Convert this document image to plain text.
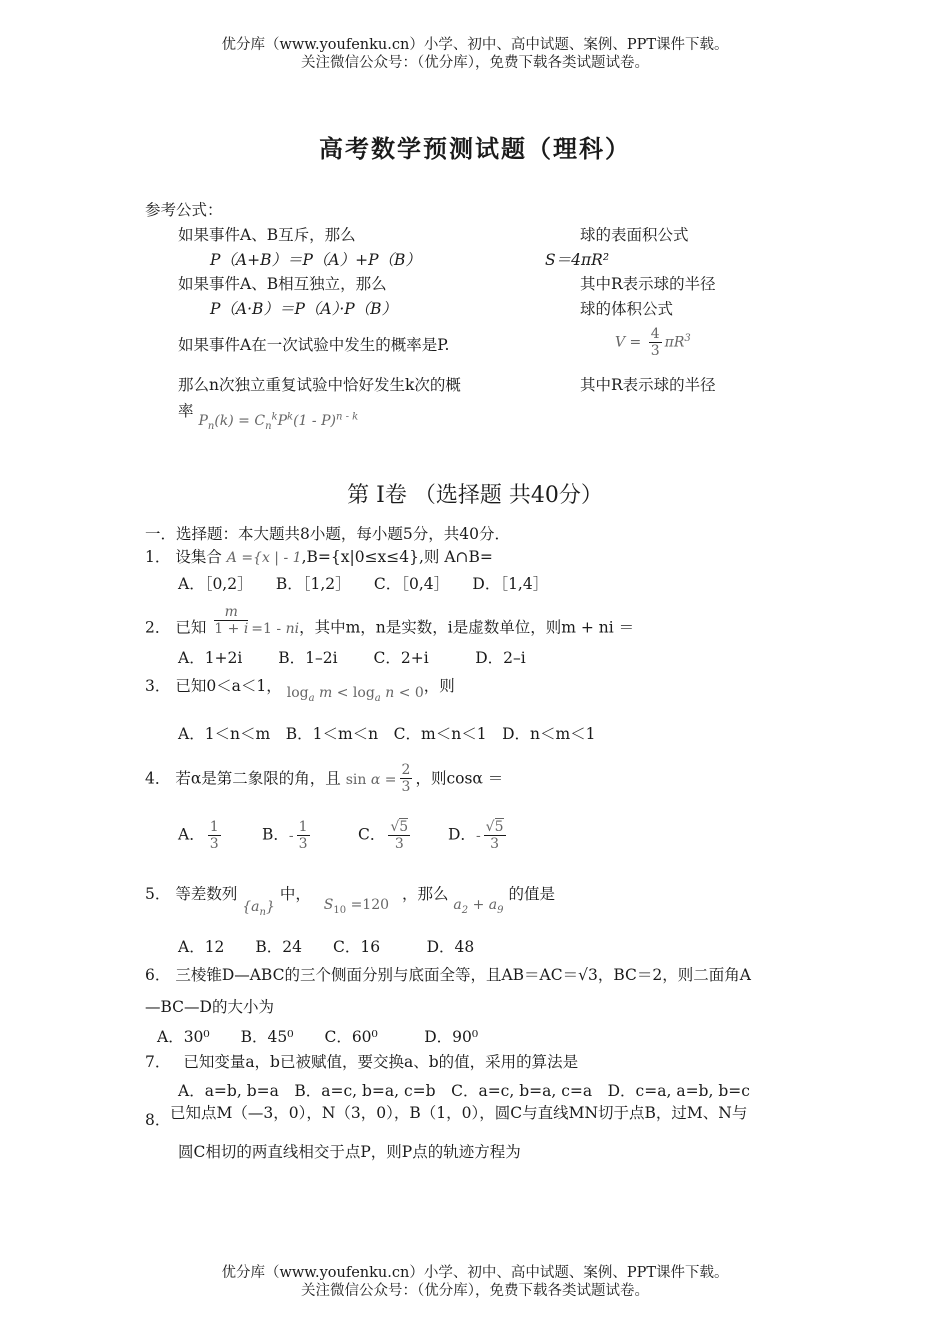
优分库（www.youfenku.cn）小学、初中、高中试题、案例、PPT课件下载。
关注微信公众号：（优分库），免费下载各类试题试卷。
高考数学预测试题（理科）
参考公式：
如果事件A、B互斥，那么
P（A+B）＝P（A）+P（B）
如果事件A、B相互独立，那么
P（A·B）＝P（A）·P（B）
如果事件A在一次试验中发生的概率是P.
那么n次独立重复试验中恰好发生k次的概
率 $P_n(k) = C_n^kP^k(1 - P)^{n - k}$
球的表面积公式
S＝4πR²
其中R表示球的半径
球的体积公式
$V = \frac{4}{3} \pi R^3$
其中R表示球的半径
第 Ⅰ卷 （选择题 共40分）
一．选择题：本大题共8小题，每小题5分，共40分．
1． 设集合 A ={x | - 1,B={x|0≤x≤4},则 A∩B=
A．［0,2］　　B．［1,2］　　C．［0,4］　　D．［1,4］
2． 已知 $\frac{m}{1 + i} =1$ - ni，其中m，n是实数，i是虚数单位，则m + ni ＝
A．1+2i　　 B．1–2i　　 C．2+i　　　D．2–i
3． 已知0＜a＜1， $\log_a m < \log_a n < 0$，则
A．1＜n＜m　B．1＜m＜n　C．m＜n＜1　D．n＜m＜1
4． 若α是第二象限的角，且 $\sin \alpha = \frac{2}{3}$ ，则cosα ＝
A． $\frac{1}{3}$	B．- $\frac{1}{3}$	C． $\frac{√5}{3}$ D．- $\frac{√5}{3}$
5． 等差数列 $\{a_n\}$ 中， $S_{10} =120$ ，那么 $a_2 + a_9$ 的值是
A．12　　B．24　　C．16　　　D．48
6． 三棱锥D—ABC的三个侧面分别与底面全等，且AB＝AC＝√3，BC＝2，则二面角A
—BC—D的大小为
A．30⁰　　B．45⁰　　C．60⁰　　　D．90⁰
7． 已知变量a，b已被赋值，要交换a、b的值，采用的算法是
A．a=b, b=a　B．a=c, b=a, c=b　C．a=c, b=a, c=a　D．c=a, a=b, b=c
8． 已知点M（—3，0），N（3，0），B（1，0），圆C与直线MN切于点B，过M、N与
圆C相切的两直线相交于点P，则P点的轨迹方程为
优分库（www.youfenku.cn）小学、初中、高中试题、案例、PPT课件下载。
关注微信公众号：（优分库），免费下载各类试题试卷。
